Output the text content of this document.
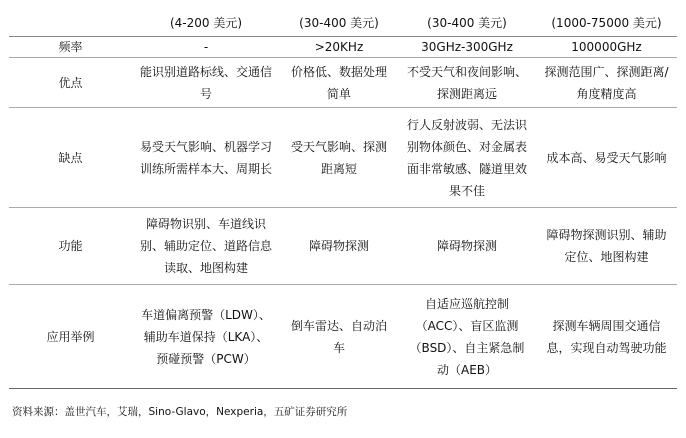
	(4-200 美元)	(30-400 美元)	(30-400 美元)	(1000-75000 美元)
频率	-	>20KHz	30GHz-300GHz	100000GHz
优点	能识别道路标线、交通信号	价格低、数据处理简单	不受天气和夜间影响、探测距离远	探测范围广、探测距离/角度精度高
缺点	易受天气影响、机器学习训练所需样本大、周期长	受天气影响、探测距离短	行人反射波弱、无法识别物体颜色、对金属表面非常敏感、隧道里效果不佳	成本高、易受天气影响
功能	障碍物识别、车道线识别、辅助定位、道路信息读取、地图构建	障碍物探测	障碍物探测	障碍物探测识别、辅助定位、地图构建
应用举例	车道偏离预警（LDW）、辅助车道保持（LKA）、预碰预警（PCW）	倒车雷达、自动泊车	自适应巡航控制（ACC）、盲区监测（BSD）、自主紧急制动（AEB）	探测车辆周围交通信息，实现自动驾驶功能
资料来源：盖世汽车，艾瑞，Sino-Glavo，Nexperia，五矿证券研究所
